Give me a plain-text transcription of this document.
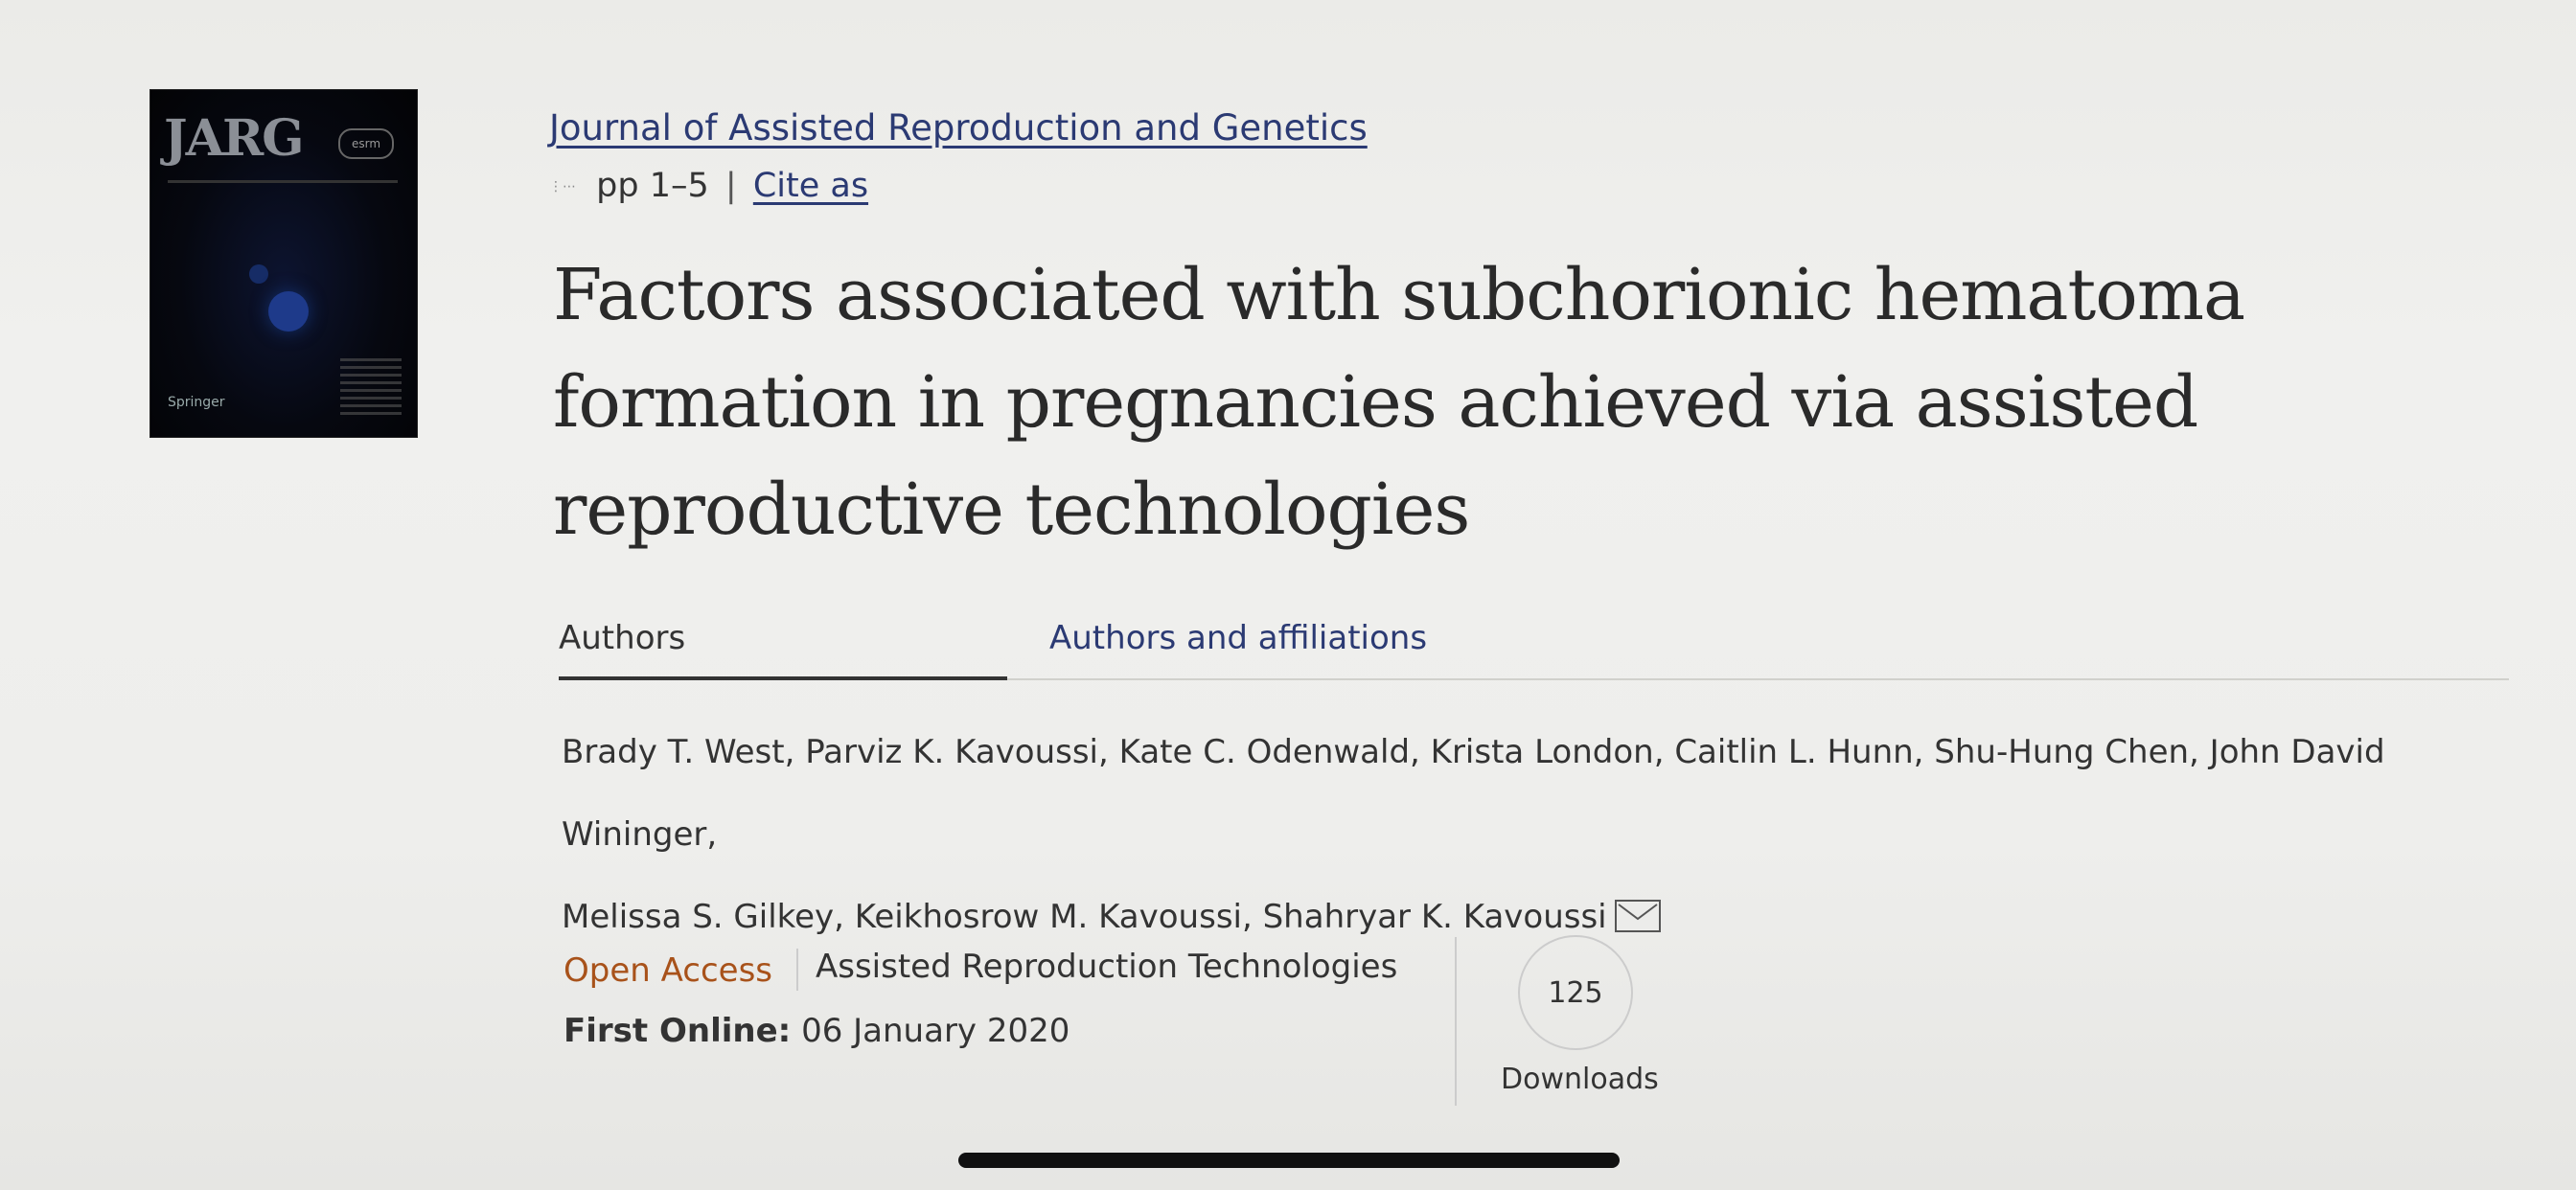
JARG	esrm
Springer
Journal of Assisted Reproduction and Genetics
⋮⋯ pp 1–5 | Cite as
Factors associated with subchorionic hematoma formation in pregnancies achieved via assisted reproductive technologies
Authors	Authors and affiliations
Brady T. West, Parviz K. Kavoussi, Kate C. Odenwald, Krista London, Caitlin L. Hunn, Shu-Hung Chen, John David Wininger,
Melissa S. Gilkey, Keikhosrow M. Kavoussi, Shahryar K. Kavoussi
Open Access Assisted Reproduction Technologies
First Online: 06 January 2020
125
Downloads
